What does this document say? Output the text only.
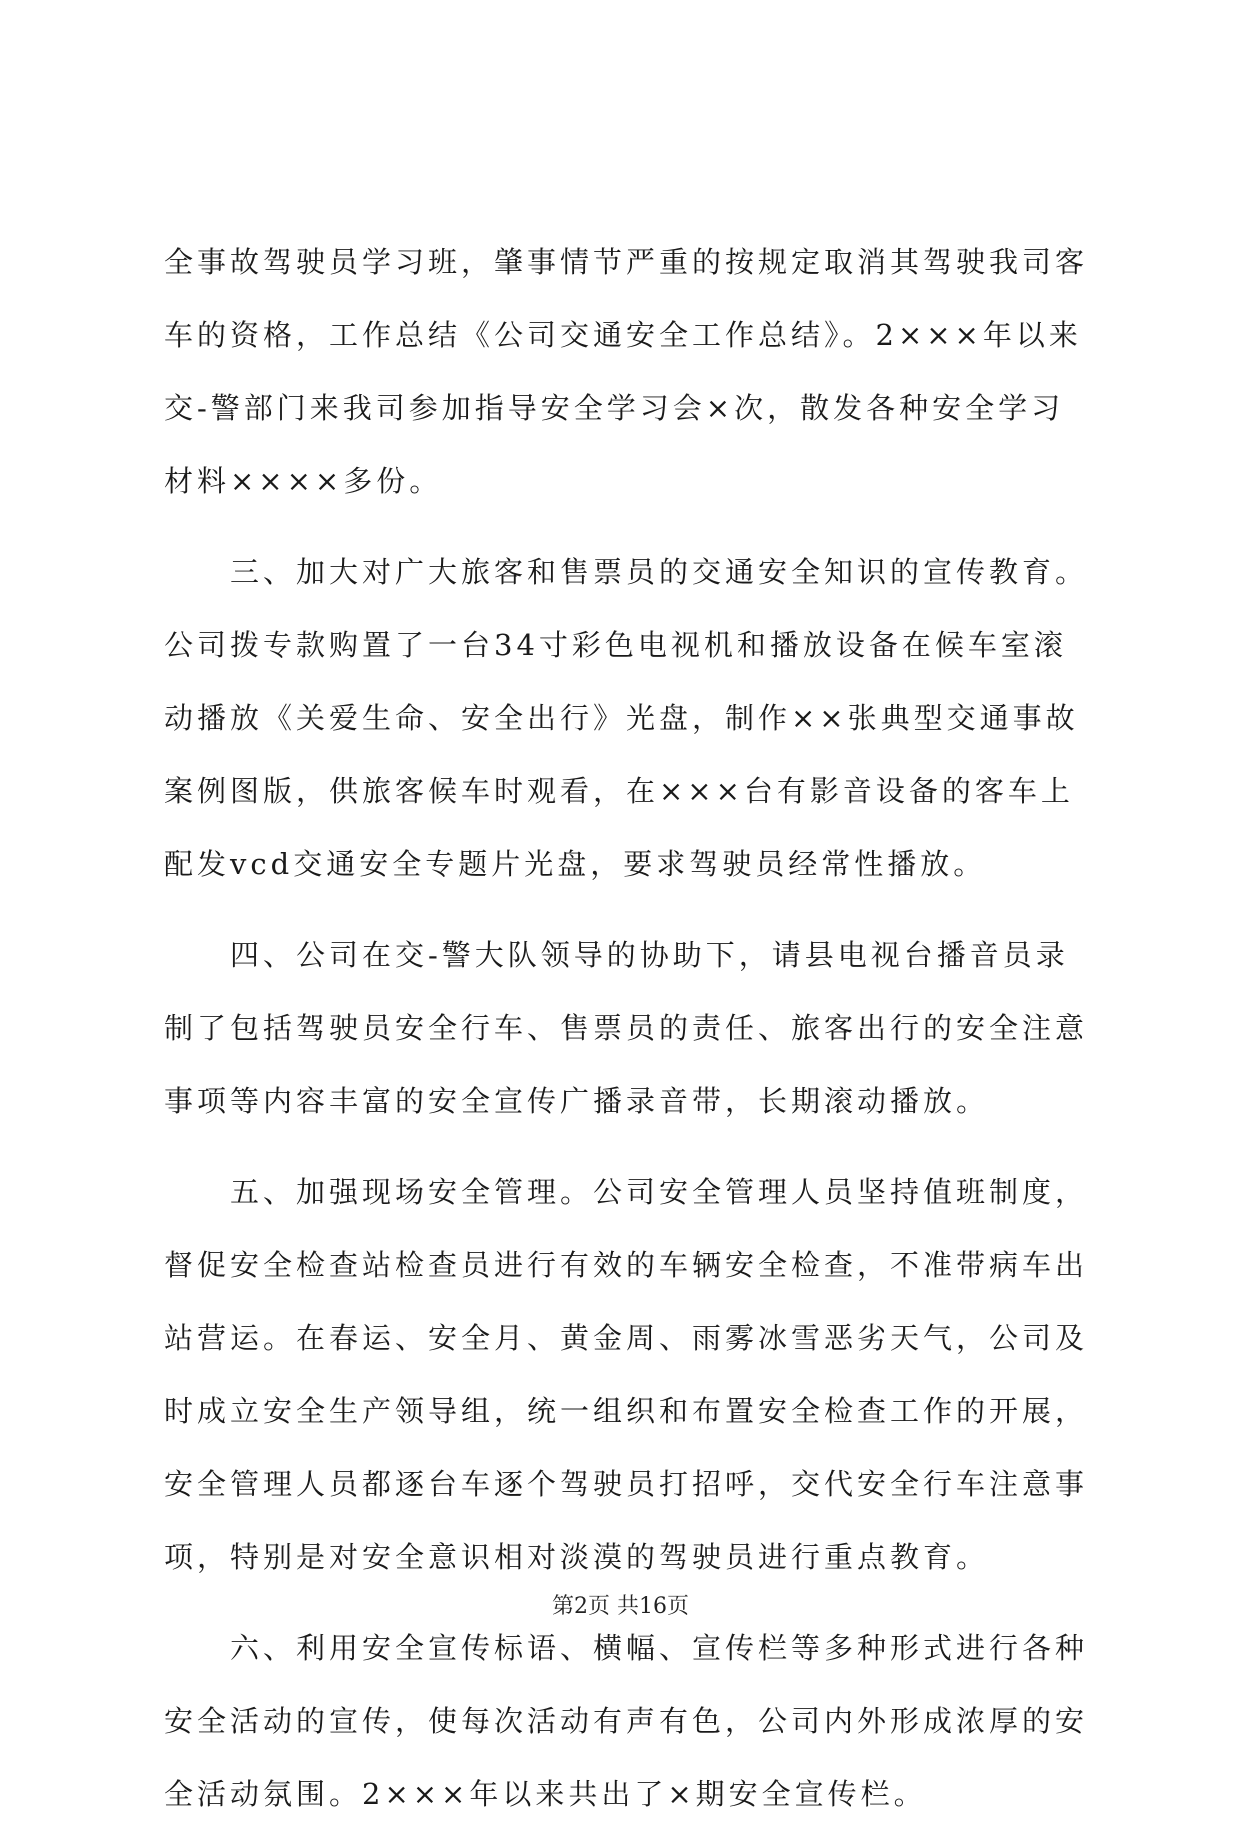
全事故驾驶员学习班，肇事情节严重的按规定取消其驾驶我司客
车的资格，工作总结《公司交通安全工作总结》。2×××年以来
交-警部门来我司参加指导安全学习会×次，散发各种安全学习
材料××××多份。
　　三、加大对广大旅客和售票员的交通安全知识的宣传教育。
公司拨专款购置了一台34寸彩色电视机和播放设备在候车室滚
动播放《关爱生命、安全出行》光盘，制作××张典型交通事故
案例图版，供旅客候车时观看，在×××台有影音设备的客车上
配发vcd交通安全专题片光盘，要求驾驶员经常性播放。
　　四、公司在交-警大队领导的协助下，请县电视台播音员录
制了包括驾驶员安全行车、售票员的责任、旅客出行的安全注意
事项等内容丰富的安全宣传广播录音带，长期滚动播放。
　　五、加强现场安全管理。公司安全管理人员坚持值班制度，
督促安全检查站检查员进行有效的车辆安全检查，不准带病车出
站营运。在春运、安全月、黄金周、雨雾冰雪恶劣天气，公司及
时成立安全生产领导组，统一组织和布置安全检查工作的开展，
安全管理人员都逐台车逐个驾驶员打招呼，交代安全行车注意事
项，特别是对安全意识相对淡漠的驾驶员进行重点教育。
　　六、利用安全宣传标语、横幅、宣传栏等多种形式进行各种
安全活动的宣传，使每次活动有声有色，公司内外形成浓厚的安
全活动氛围。2×××年以来共出了×期安全宣传栏。
第2页 共16页
